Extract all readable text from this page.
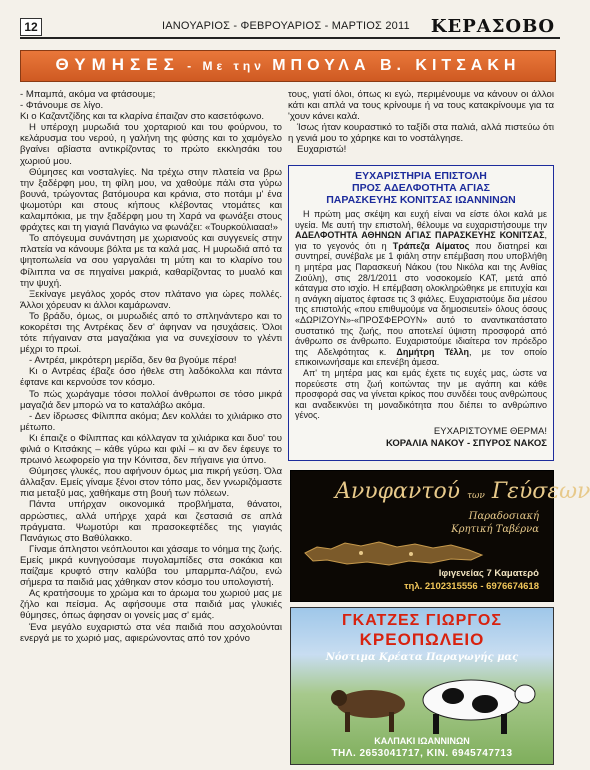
12	ΙΑΝΟΥΑΡΙΟΣ - ΦΕΒΡΟΥΑΡΙΟΣ - ΜΑΡΤΙΟΣ 2011 ΚΕΡΑΣΟΒΟ
ΘΥΜΗΣΕΣ - Με την ΜΠΟΥΛΑ Β. ΚΙΤΣΑΚΗ

- Μπαμπά, ακόμα να φτάσουμε;

- Φτάνουμε σε λίγο.

Κι ο Καζαντζίδης και τα κλαρίνα έπαιζαν στο κασετόφωνο.

Η υπέροχη μυρωδιά του χορταριού και του φούρνου, το κελάρυσμα του νερού, η γαλήνη της φύσης και το χαμόγελο βγαίνει αβίαστα αντικρίζοντας το πρώτο εκκλησάκι του χωριού μου.

Θύμησες και νοσταλγίες. Να τρέχω στην πλατεία να βρω την ξαδέρφη μου, τη φίλη μου, να χαθούμε πάλι στα γύρω βουνά, τρώγοντας βατόμουρα και κράνια, στο ποτάμι μ' ένα ψωμοτύρι και στους κήπους κλέβοντας ντομάτες και καλαμπόκια, με την ξαδέρφη μου τη Χαρά να φωνάξει στους φράχτες και τη γιαγιά Πανάγιω να φωνάζει: «Τουρκούλιααα!»

Το απόγευμα συνάντηση με χωριανούς και συγγενείς στην πλατεία να κάνουμε βόλτα με τα καλά μας. Η μυρωδιά από τα ψητοπωλεία να σου γαργαλάει τη μύτη και το κλαρίνο του Φίλιππα να σε πηγαίνει μακριά, καθαρίζοντας το μυαλό και την ψυχή.

Ξεκίναγε μεγάλος χορός στον πλάτανο για ώρες πολλές. Άλλοι χόρευαν κι άλλοι καμάρωναν.

Το βράδυ, όμως, οι μυρωδιές από το σπληνάντερο και το κοκορέτσι της Αντρέκας δεν σ' άφηναν να ησυχάσεις. Όλοι τότε πήγαιναν στα μαγαζάκια για να συνεχίσουν το γλέντι μέχρι το πρωί.

- Αντρέα, μικρότερη μερίδα, δεν θα βγούμε πέρα!

Κι ο Αντρέας έβαζε όσο ήθελε στη λαδόκολλα και πάντα έφτανε και κερνούσε τον κόσμο.

Το πώς χωράγαμε τόσοι πολλοί άνθρωποι σε τόσο μικρά μαγαζιά δεν μπορώ να το καταλάβω ακόμα.

- Δεν ίδρωσες Φίλιππα ακόμα; Δεν κολλάει το χιλιάρικο στο μέτωπο.

Κι έπαιζε ο Φίλιππας και κόλλαγαν τα χιλιάρικα και δυο' του φιλιά ο Κιτσάκης – κάθε γύρω και φιλί – κι αν δεν έφευγε το πρωινό λεωφορείο για την Κόνιτσα, δεν πήγαινε για ύπνο.

Θύμησες γλυκές, που αφήνουν όμως μια πικρή γεύση. Όλα άλλαξαν. Εμείς γίναμε ξένοι στον τόπο μας, δεν γνωριζόμαστε πια μεταξύ μας, χαθήκαμε στη βουή των πόλεων.

Πάντα υπήρχαν οικονομικά προβλήματα, θάνατοι, αρρώστιες, αλλά υπήρχε χαρά και ζεστασιά σε απλά πράγματα. Ψωμοτύρι και πρασοκεφτέδες της γιαγιάς Πανάγιως στο Βαθύλακκο.

Γίναμε άπληστοι νεόπλουτοι και χάσαμε το νόημα της ζωής. Εμείς μικρά κυνηγούσαμε πυγολαμπίδες στα σοκάκια και παίζαμε κρυφτό στην καλύβα του μπαρμπα-Λάζου, ενώ σήμερα τα παιδιά μας χάθηκαν στον κόσμο του υπολογιστή.

Ας κρατήσουμε το χρώμα και το άρωμα του χωριού μας με ζήλο και πείσμα. Ας αφήσουμε στα παιδιά μας γλυκιές θύμησες, όπως άφησαν οι γονείς μας σ' εμάς.

Ένα μεγάλο ευχαριστώ στα νέα παιδιά που ασχολούνται ενεργά με το χωριό μας, αφιερώνοντας από τον χρόνο

τους, γιατί όλοι, όπως κι εγώ, περιμένουμε να κάνουν οι άλλοι κάτι και απλά να τους κρίνουμε ή να τους κατακρίνουμε για τα 'χουν κάνει καλά.

Ίσως ήταν κουραστικό το ταξίδι στα παλιά, αλλά πιστεύω ότι η γενιά μου το χάρηκε και το νοστάλγησε.

Ευχαριστώ!

ΕΥΧΑΡΙΣΤΗΡΙΑ ΕΠΙΣΤΟΛΗ
ΠΡΟΣ ΑΔΕΛΦΟΤΗΤΑ ΑΓΙΑΣ
ΠΑΡΑΣΚΕΥΗΣ ΚΟΝΙΤΣΑΣ ΙΩΑΝΝΙΝΩΝ

Η πρώτη μας σκέψη και ευχή είναι να είστε όλοι καλά με υγεία. Με αυτή την επιστολή, θέλουμε να ευχαριστήσουμε την ΑΔΕΛΦΟΤΗΤΑ ΑΘΗΝΩΝ ΑΓΙΑΣ ΠΑΡΑΣΚΕΥΗΣ ΚΟΝΙΤΣΑΣ, για το γεγονός ότι η Τράπεζα Αίματος που διατηρεί και συντηρεί, συνέβαλε με 1 φιάλη στην επέμβαση που υποβλήθη η μητέρα μας Παρασκευή Νάκου (του Νικόλα και της Ανθίας Ζιούλη), στις 28/1/2011 στο νοσοκομείο ΚΑΤ, μετά από κάταγμα στο ισχίο. Η επέμβαση ολοκληρώθηκε με επιτυχία και η ανάγκη αίματος έφτασε τις 3 φιάλες. Ευχαριστούμε δια μέσου της επιστολής «που επιθυμούμε να δημοσιευτεί» όλους όσους «ΔΩΡΙΖΟΥΝ»-«ΠΡΟΣΦΕΡΟΥΝ» αυτό το αναντικατάστατο συστατικό της ζωής, που αποτελεί ύψιστη προσφορά από άνθρωπο σε άνθρωπο. Ευχαριστούμε ιδιαίτερα τον πρόεδρο της Αδελφότητας κ. Δημήτρη Τέλλη, με τον οποίο επικοινωνήσαμε και επενέβη άμεσα.

Απ' τη μητέρα μας και εμάς έχετε τις ευχές μας, ώστε να πορεύεστε στη ζωή κοιτώντας την με αγάπη και κάθε προσφορά σας να γίνεται κρίκος που συνδέει τους ανθρώπους και αναδεικνύει τη μοναδικότητα που διέπει το ανθρώπινο γένος.

ΕΥΧΑΡΙΣΤΟΥΜΕ ΘΕΡΜΑ!
ΚΟΡΑΛΙΑ ΝΑΚΟΥ - ΣΠΥΡΟΣ ΝΑΚΟΣ
Ανυφαντού των Γεύσεων
Παραδοσιακή
Κρητική Ταβέρνα
Ιφιγενείας 7 Καματερό
τηλ. 2102315556 - 6976674618
ΓΚΑΤΖΕΣ ΓΙΩΡΓΟΣ
ΚΡΕΟΠΩΛΕΙΟ
Νόστιμα Κρέατα Παραγωγής μας
ΚΑΛΠΑΚΙ ΙΩΑΝΝΙΝΩΝ
ΤΗΛ. 2653041717, ΚΙΝ. 6945747713
